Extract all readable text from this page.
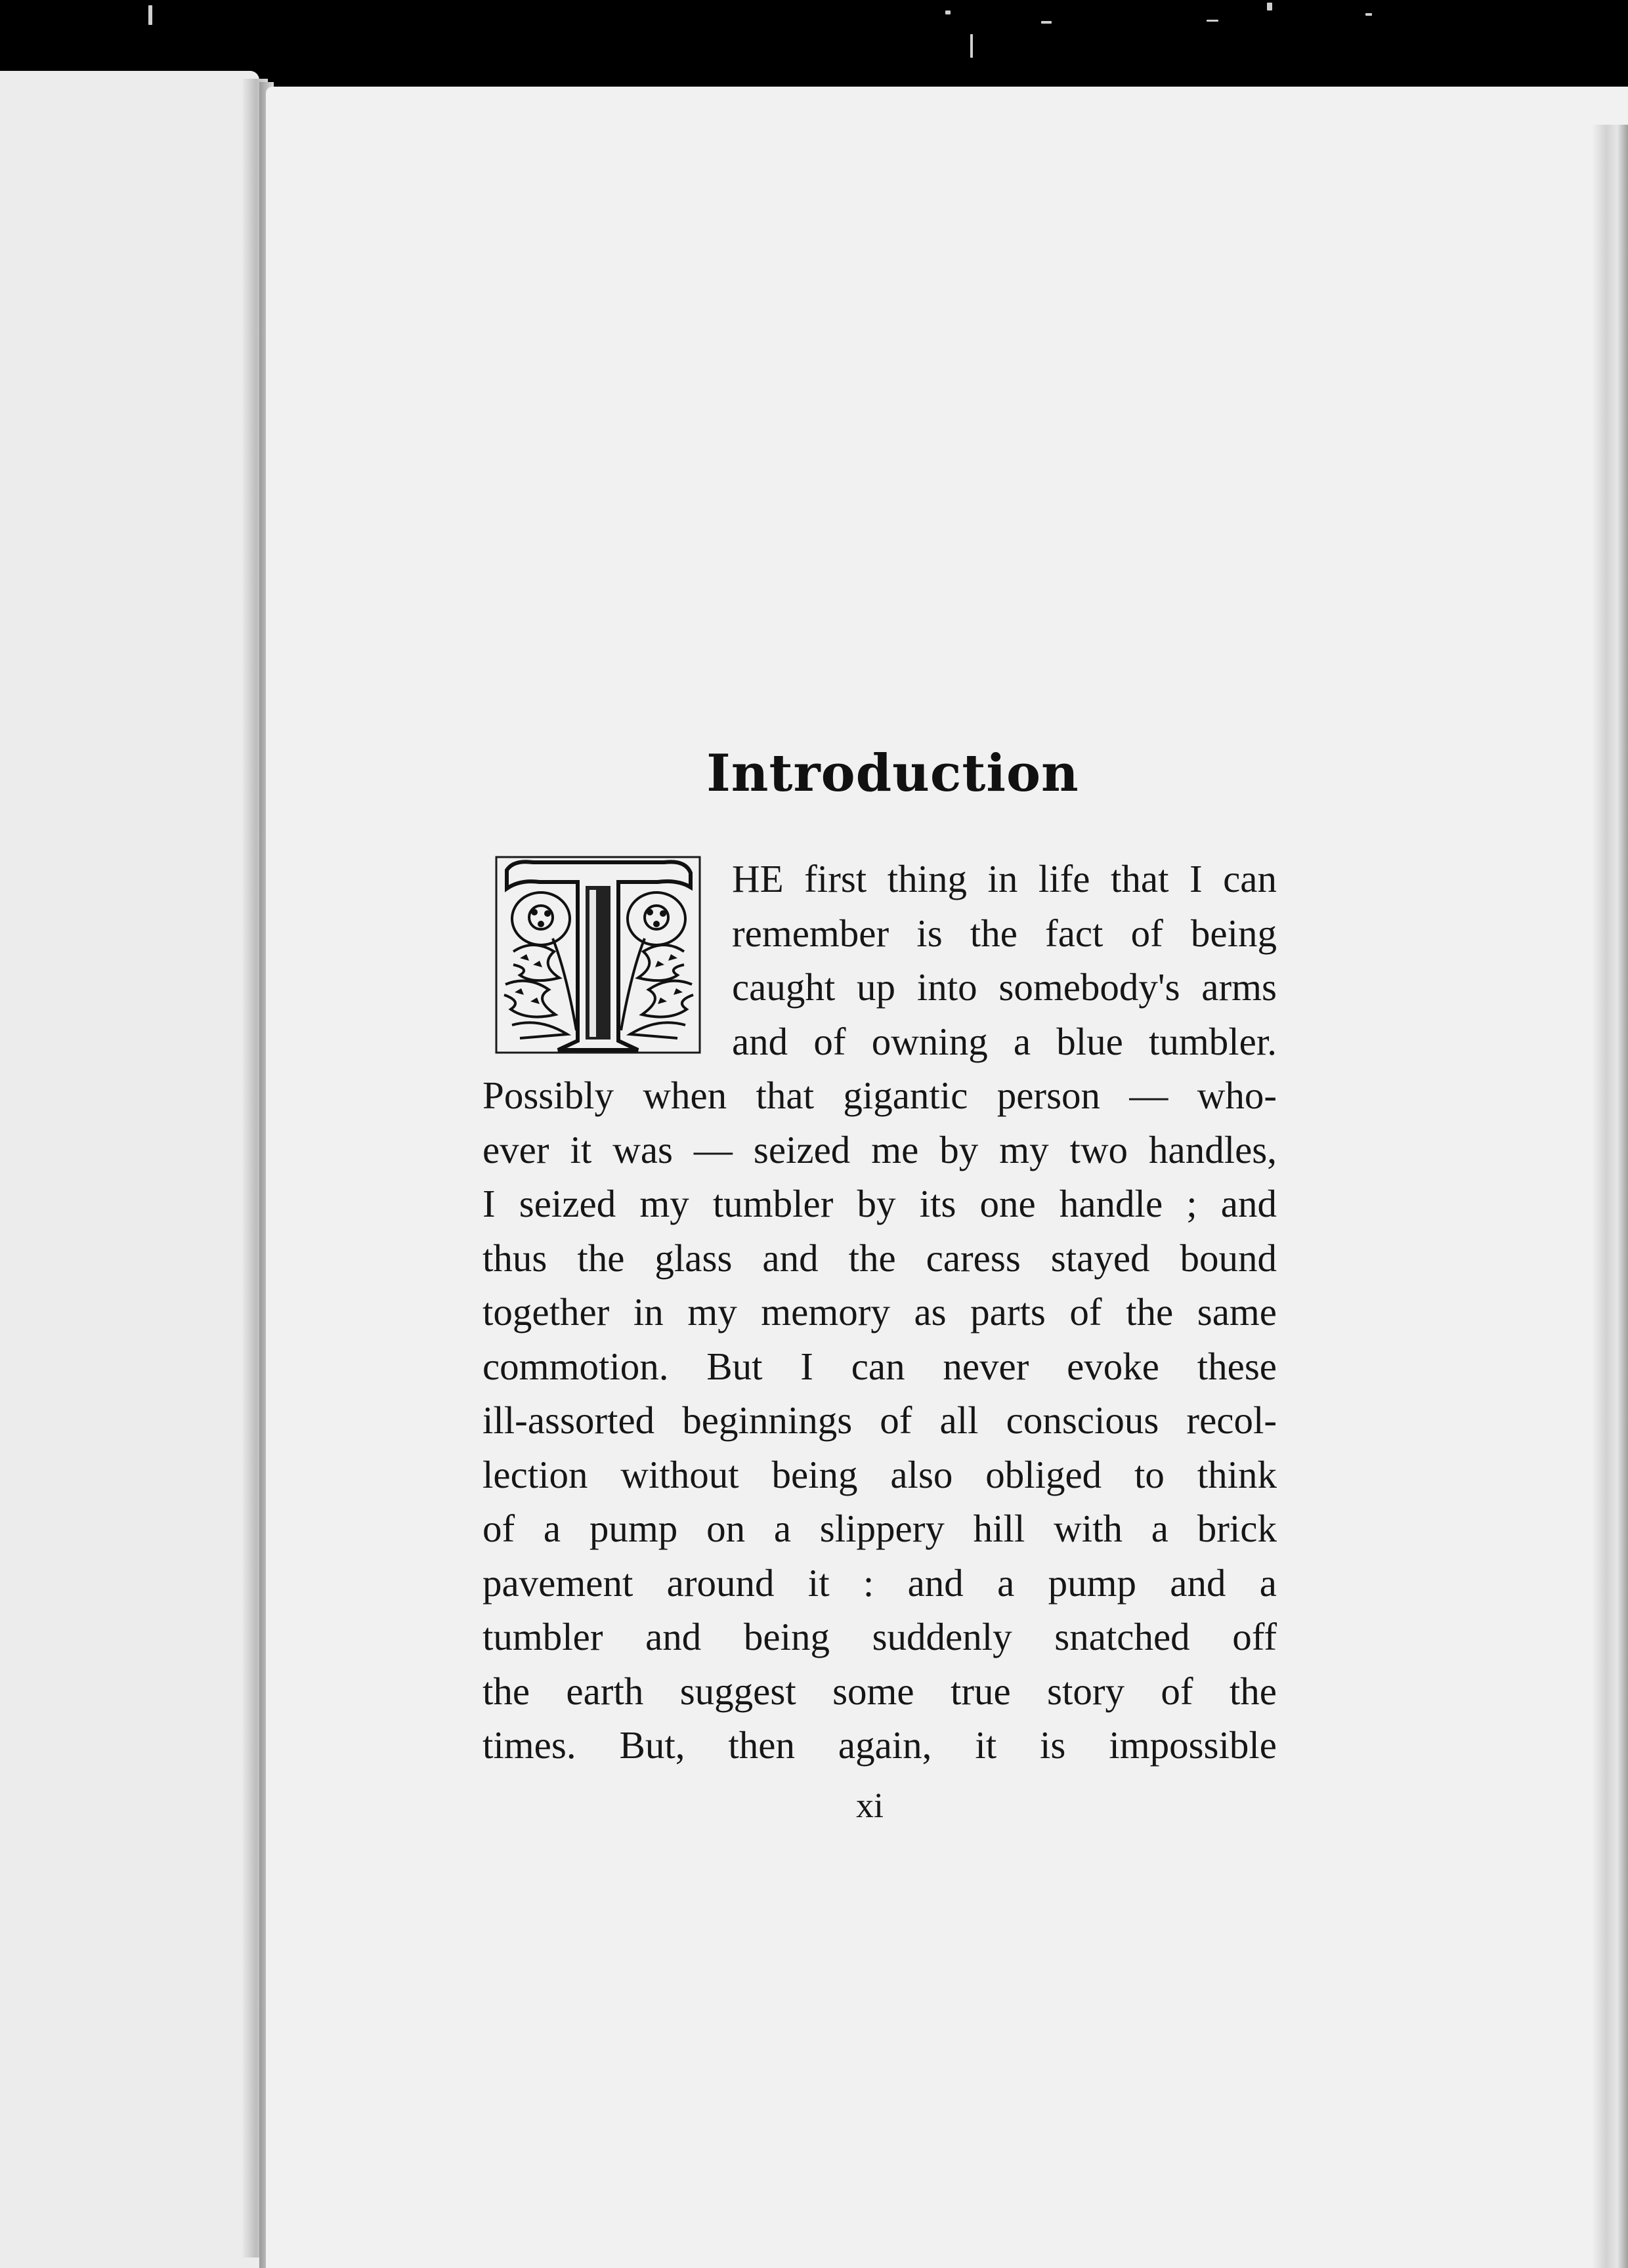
Introduction
HE first thing in life that I can
remember is the fact of being
caught up into somebody's arms
and of owning a blue tumbler.
Possibly when that gigantic person — who-
ever it was — seized me by my two handles,
I seized my tumbler by its one handle ; and
thus the glass and the caress stayed bound
together in my memory as parts of the same
commotion. But I can never evoke these
ill-assorted beginnings of all conscious recol-
lection without being also obliged to think
of a pump on a slippery hill with a brick
pavement around it : and a pump and a
tumbler and being suddenly snatched off
the earth suggest some true story of the
times. But, then again, it is impossible
xi
